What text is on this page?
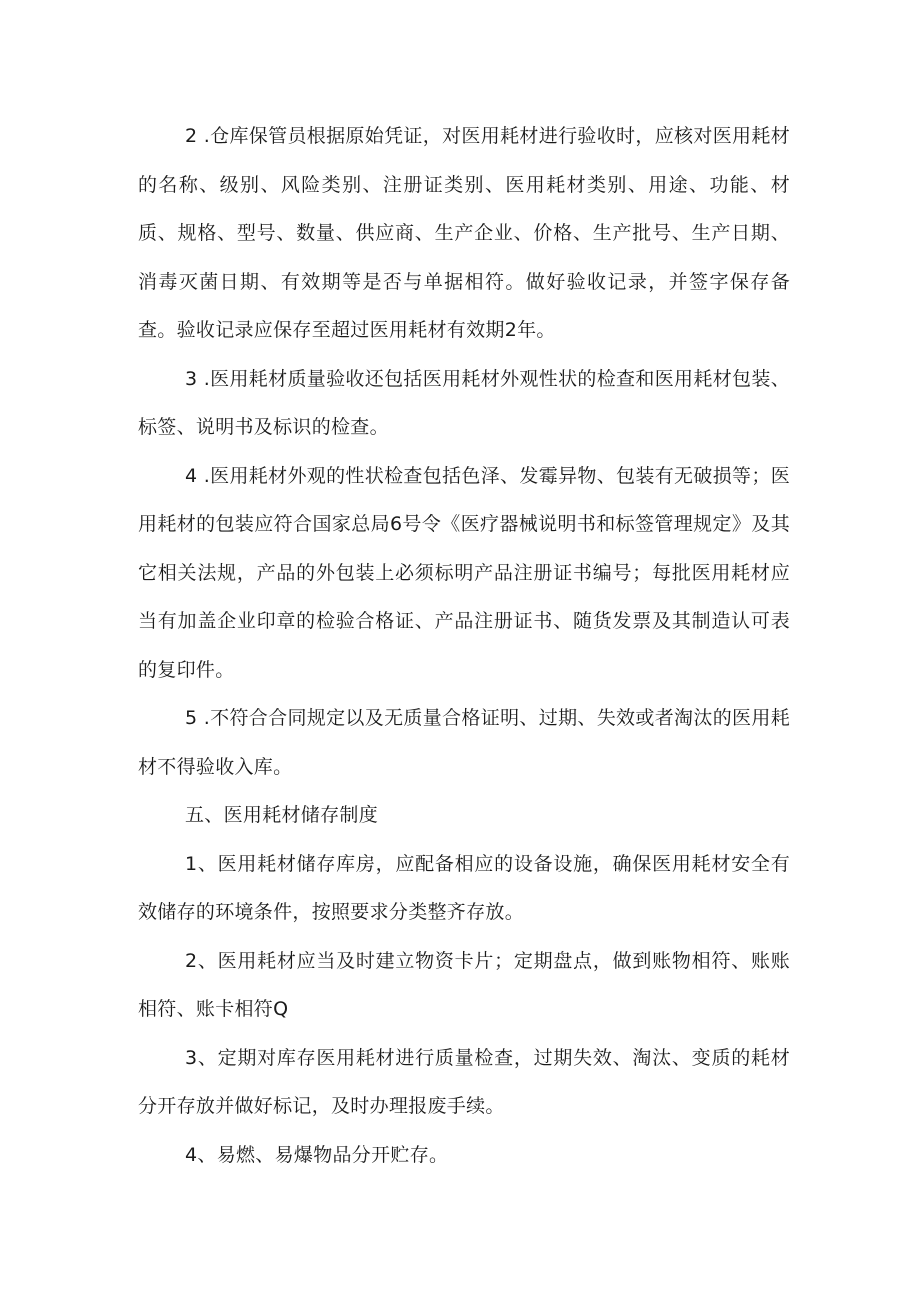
2 .仓库保管员根据原始凭证，对医用耗材进行验收时，应核对医用耗材的名称、级别、风险类别、注册证类别、医用耗材类别、用途、功能、材质、规格、型号、数量、供应商、生产企业、价格、生产批号、生产日期、消毒灭菌日期、有效期等是否与单据相符。做好验收记录，并签字保存备查。验收记录应保存至超过医用耗材有效期2年。

3 .医用耗材质量验收还包括医用耗材外观性状的检查和医用耗材包装、标签、说明书及标识的检查。

4 .医用耗材外观的性状检查包括色泽、发霉异物、包装有无破损等；医用耗材的包装应符合国家总局6号令《医疗器械说明书和标签管理规定》及其它相关法规，产品的外包装上必须标明产品注册证书编号；每批医用耗材应当有加盖企业印章的检验合格证、产品注册证书、随货发票及其制造认可表的复印件。

5 .不符合合同规定以及无质量合格证明、过期、失效或者淘汰的医用耗材不得验收入库。

五、医用耗材储存制度

1、医用耗材储存库房，应配备相应的设备设施，确保医用耗材安全有效储存的环境条件，按照要求分类整齐存放。

2、医用耗材应当及时建立物资卡片；定期盘点，做到账物相符、账账相符、账卡相符Q

3、定期对库存医用耗材进行质量检查，过期失效、淘汰、变质的耗材分开存放并做好标记，及时办理报废手续。

4、易燃、易爆物品分开贮存。
